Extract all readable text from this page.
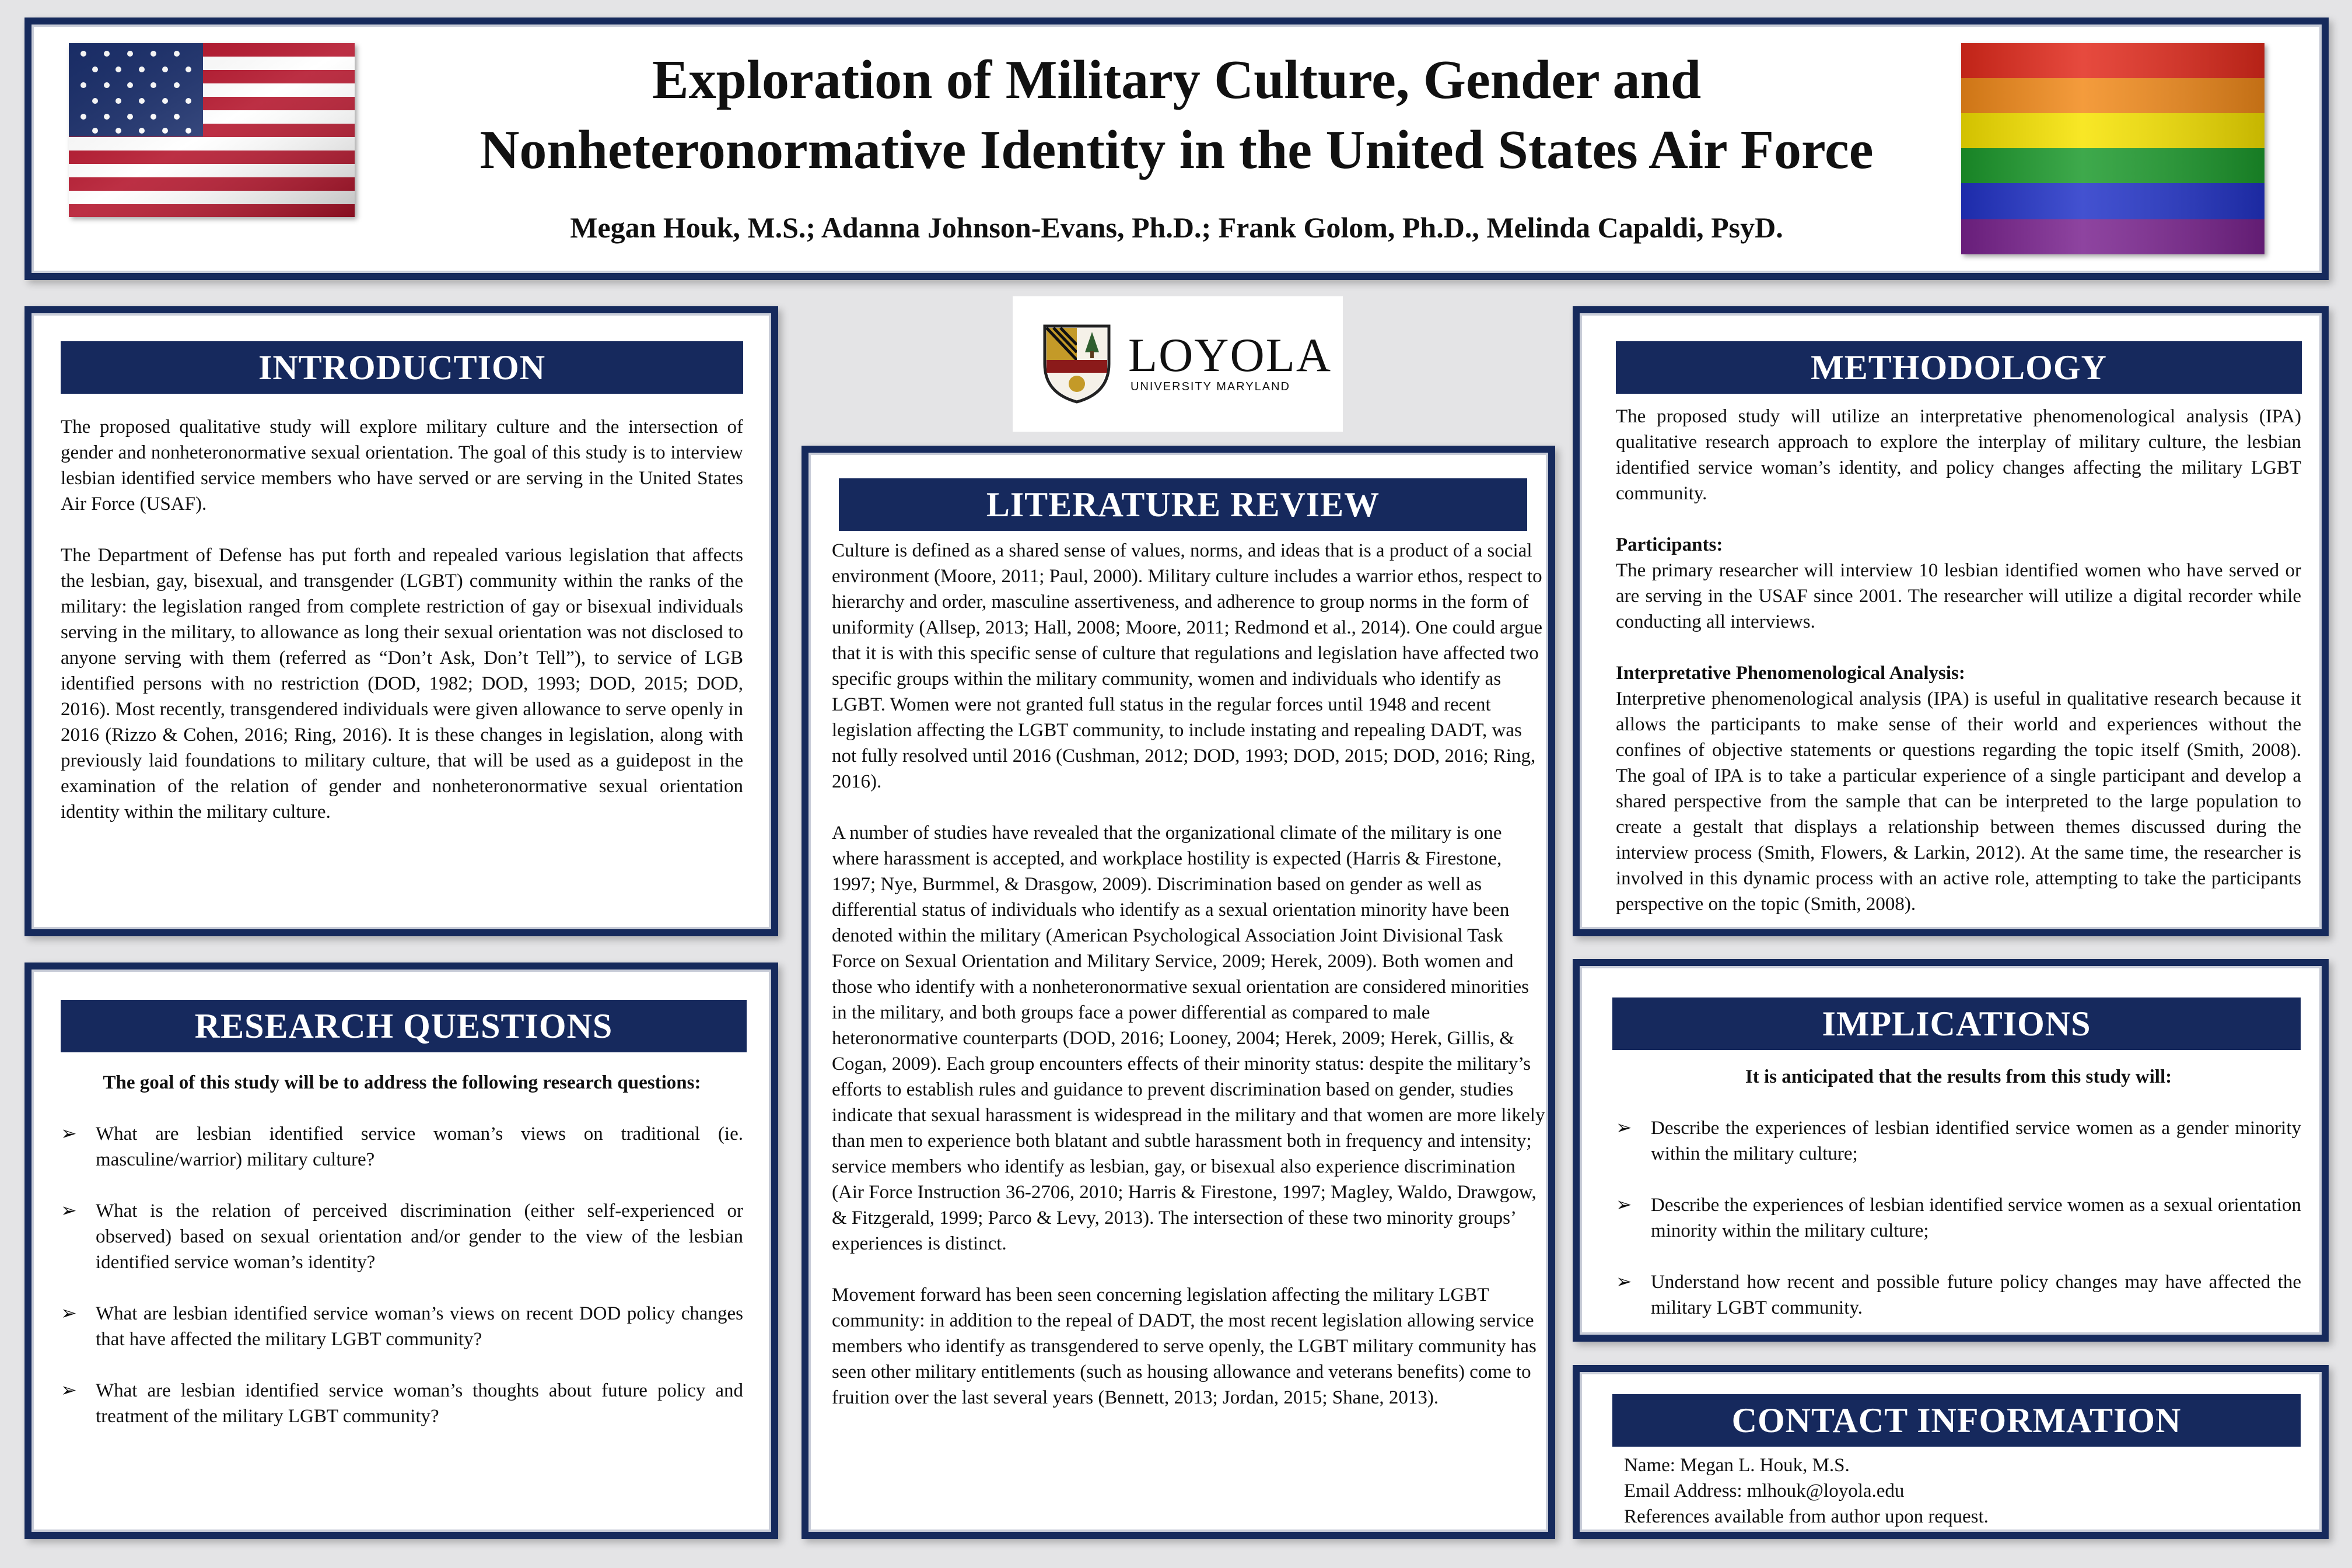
Exploration of Military Culture, Gender and
Nonheteronormative Identity in the United States Air Force
Megan Houk, M.S.; Adanna Johnson-Evans, Ph.D.; Frank Golom, Ph.D., Melinda Capaldi, PsyD.
LOYOLA
UNIVERSITY MARYLAND
INTRODUCTION

The proposed qualitative study will explore military culture and the intersection of gender and nonheteronormative sexual orientation. The goal of this study is to interview lesbian identified service members who have served or are serving in the United States Air Force (USAF).

The Department of Defense has put forth and repealed various legislation that affects the lesbian, gay, bisexual, and transgender (LGBT) community within the ranks of the military: the legislation ranged from complete restriction of gay or bisexual individuals serving in the military, to allowance as long their sexual orientation was not disclosed to anyone serving with them (referred as “Don’t Ask, Don’t Tell”), to service of LGB identified persons with no restriction (DOD, 1982; DOD, 1993; DOD, 2015; DOD, 2016). Most recently, transgendered individuals were given allowance to serve openly in 2016 (Rizzo & Cohen, 2016; Ring, 2016). It is these changes in legislation, along with previously laid foundations to military culture, that will be used as a guidepost in the examination of the relation of gender and nonheteronormative sexual orientation identity within the military culture.

RESEARCH QUESTIONS
The goal of this study will be to address the following research questions:
➢ What are lesbian identified service woman’s views on traditional (ie. masculine/warrior) military culture?
➢ What is the relation of perceived discrimination (either self-experienced or observed) based on sexual orientation and/or gender to the view of the lesbian identified service woman’s identity?
➢ What are lesbian identified service woman’s views on recent DOD policy changes that have affected the military LGBT community?
➢ What are lesbian identified service woman’s thoughts about future policy and treatment of the military LGBT community?
LITERATURE REVIEW

Culture is defined as a shared sense of values, norms, and ideas that is a product of a social environment (Moore, 2011; Paul, 2000). Military culture includes a warrior ethos, respect to hierarchy and order, masculine assertiveness, and adherence to group norms in the form of uniformity (Allsep, 2013; Hall, 2008; Moore, 2011; Redmond et al., 2014). One could argue that it is with this specific sense of culture that regulations and legislation have affected two specific groups within the military community, women and individuals who identify as LGBT. Women were not granted full status in the regular forces until 1948 and recent legislation affecting the LGBT community, to include instating and repealing DADT, was not fully resolved until 2016 (Cushman, 2012; DOD, 1993; DOD, 2015; DOD, 2016; Ring, 2016).

A number of studies have revealed that the organizational climate of the military is one where harassment is accepted, and workplace hostility is expected (Harris & Firestone, 1997; Nye, Burmmel, & Drasgow, 2009). Discrimination based on gender as well as differential status of individuals who identify as a sexual orientation minority have been denoted within the military (American Psychological Association Joint Divisional Task Force on Sexual Orientation and Military Service, 2009; Herek, 2009). Both women and those who identify with a nonheteronormative sexual orientation are considered minorities in the military, and both groups face a power differential as compared to male heteronormative counterparts (DOD, 2016; Looney, 2004; Herek, 2009; Herek, Gillis, & Cogan, 2009). Each group encounters effects of their minority status: despite the military’s efforts to establish rules and guidance to prevent discrimination based on gender, studies indicate that sexual harassment is widespread in the military and that women are more likely than men to experience both blatant and subtle harassment both in frequency and intensity; service members who identify as lesbian, gay, or bisexual also experience discrimination (Air Force Instruction 36-2706, 2010; Harris & Firestone, 1997; Magley, Waldo, Drawgow, & Fitzgerald, 1999; Parco & Levy, 2013). The intersection of these two minority groups’ experiences is distinct.

Movement forward has been seen concerning legislation affecting the military LGBT community: in addition to the repeal of DADT, the most recent legislation allowing service members who identify as transgendered to serve openly, the LGBT military community has seen other military entitlements (such as housing allowance and veterans benefits) come to fruition over the last several years (Bennett, 2013; Jordan, 2015; Shane, 2013).

METHODOLOGY

The proposed study will utilize an interpretative phenomenological analysis (IPA) qualitative research approach to explore the interplay of military culture, the lesbian identified service woman’s identity, and policy changes affecting the military LGBT community.

Participants:

The primary researcher will interview 10 lesbian identified women who have served or are serving in the USAF since 2001. The researcher will utilize a digital recorder while conducting all interviews.

Interpretative Phenomenological Analysis:

Interpretive phenomenological analysis (IPA) is useful in qualitative research because it allows the participants to make sense of their world and experiences without the confines of objective statements or questions regarding the topic itself (Smith, 2008). The goal of IPA is to take a particular experience of a single participant and develop a shared perspective from the sample that can be interpreted to the large population to create a gestalt that displays a relationship between themes discussed during the interview process (Smith, Flowers, & Larkin, 2012). At the same time, the researcher is involved in this dynamic process with an active role, attempting to take the participants perspective on the topic (Smith, 2008).

IMPLICATIONS
It is anticipated that the results from this study will:
➢ Describe the experiences of lesbian identified service women as a gender minority within the military culture;
➢ Describe the experiences of lesbian identified service women as a sexual orientation minority within the military culture;
➢ Understand how recent and possible future policy changes may have affected the military LGBT community.
CONTACT INFORMATION
Name: Megan L. Houk, M.S.
Email Address: mlhouk@loyola.edu
References available from author upon request.
